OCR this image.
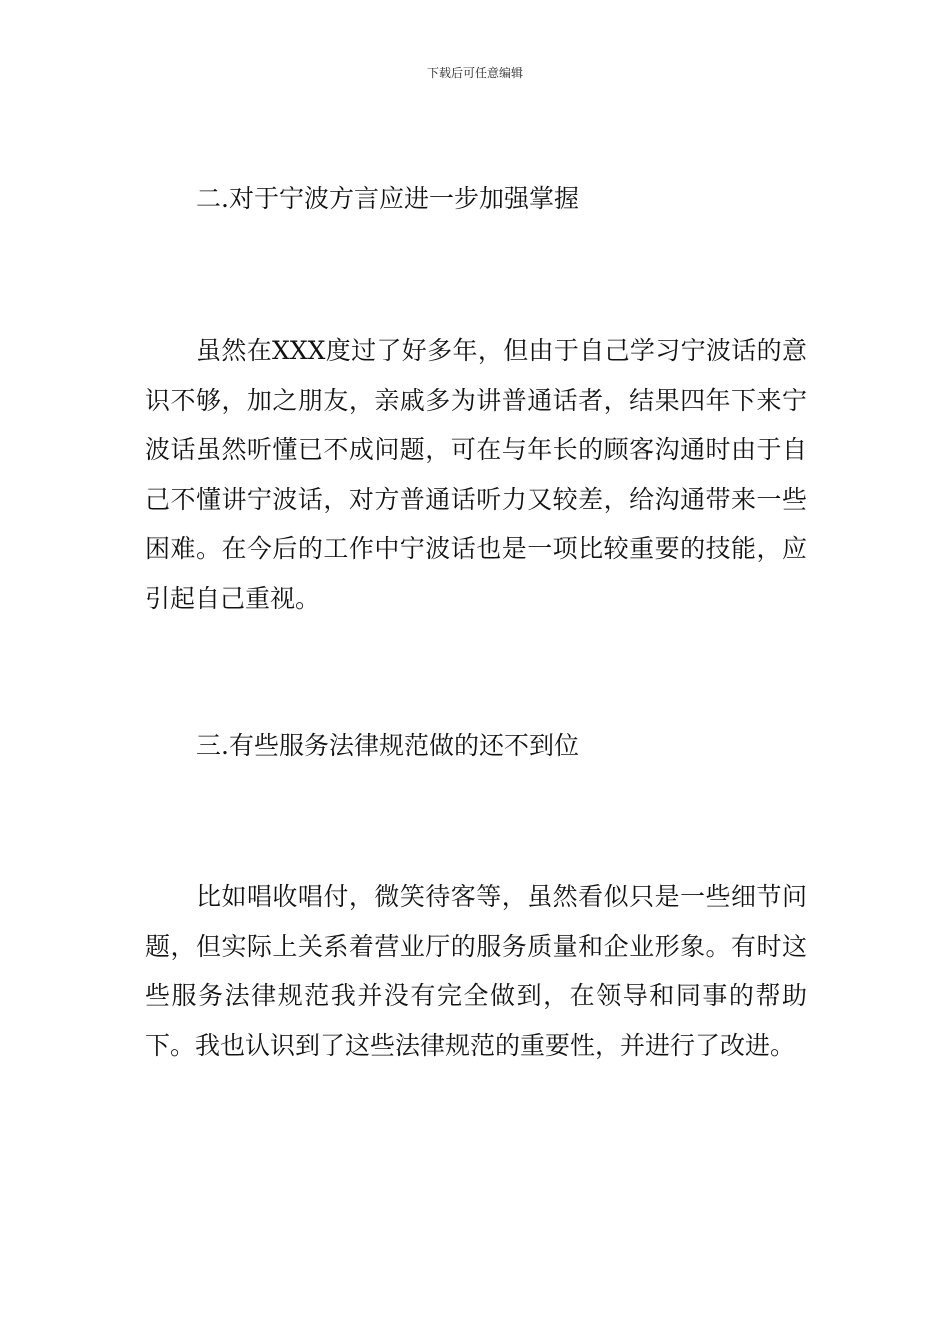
下载后可任意编辑
二.对于宁波方言应进一步加强掌握

虽然在XXX度过了好多年，但由于自己学习宁波话的意识不够，加之朋友，亲戚多为讲普通话者，结果四年下来宁波话虽然听懂已不成问题，可在与年长的顾客沟通时由于自己不懂讲宁波话，对方普通话听力又较差，给沟通带来一些困难。在今后的工作中宁波话也是一项比较重要的技能，应引起自己重视。

三.有些服务法律规范做的还不到位

比如唱收唱付，微笑待客等，虽然看似只是一些细节问题，但实际上关系着营业厅的服务质量和企业形象。有时这些服务法律规范我并没有完全做到，在领导和同事的帮助下。我也认识到了这些法律规范的重要性，并进行了改进。
